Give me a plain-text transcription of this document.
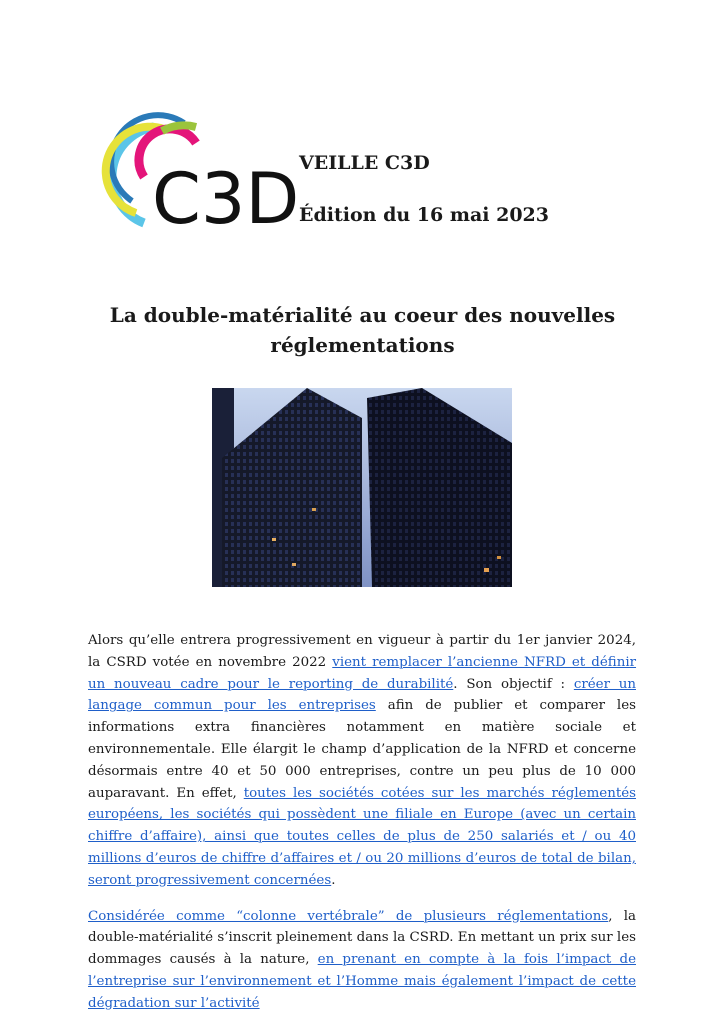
C3D VEILLE C3D
Édition du 16 mai 2023
La double-matérialité au coeur des nouvelles réglementations

Alors qu’elle entrera progressivement en vigueur à partir du 1er janvier 2024, la CSRD votée en novembre 2022 vient remplacer l’ancienne NFRD et définir un nouveau cadre pour le reporting de durabilité. Son objectif : créer un langage commun pour les entreprises afin de publier et comparer les informations extra financières notamment en matière sociale et environnementale. Elle élargit le champ d’application de la NFRD et concerne désormais entre 40 et 50 000 entreprises, contre un peu plus de 10 000 auparavant. En effet, toutes les sociétés cotées sur les marchés réglementés européens, les sociétés qui possèdent une filiale en Europe (avec un certain chiffre d’affaire), ainsi que toutes celles de plus de 250 salariés et / ou 40 millions d’euros de chiffre d’affaires et / ou 20 millions d’euros de total de bilan, seront progressivement concernées.

Considérée comme “colonne vertébrale” de plusieurs réglementations, la double-matérialité s’inscrit pleinement dans la CSRD. En mettant un prix sur les dommages causés à la nature, en prenant en compte à la fois l’impact de l’entreprise sur l’environnement et l’Homme mais également l’impact de cette dégradation sur l’activité
